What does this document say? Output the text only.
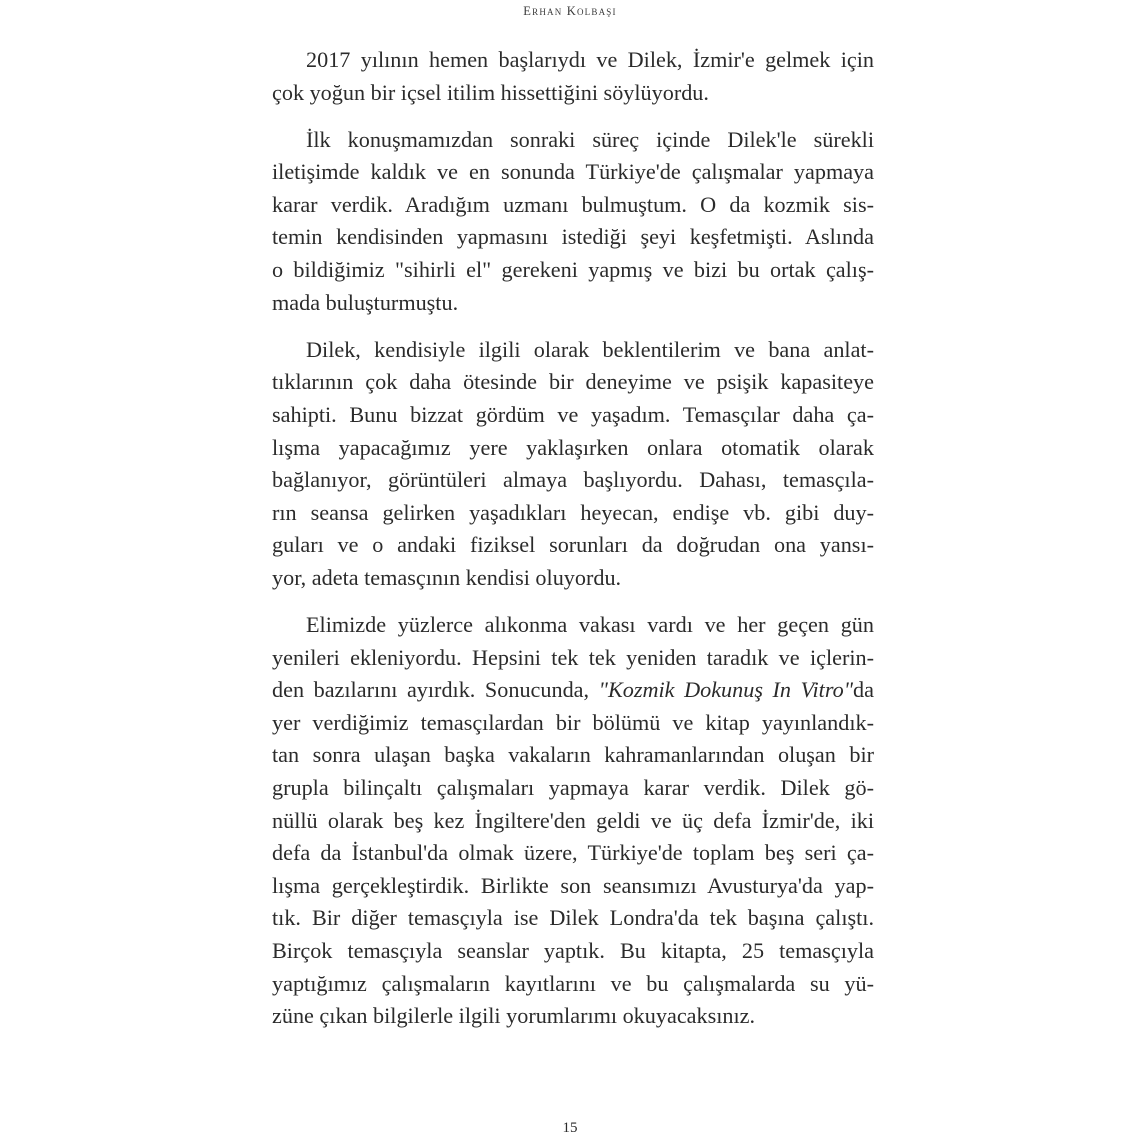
Erhan Kolbaşı
2017 yılının hemen başlarıydı ve Dilek, İzmir'e gelmek için
çok yoğun bir içsel itilim hissettiğini söylüyordu.
İlk konuşmamızdan sonraki süreç içinde Dilek'le sürekli
iletişimde kaldık ve en sonunda Türkiye'de çalışmalar yapmaya
karar verdik. Aradığım uzmanı bulmuştum. O da kozmik sis-
temin kendisinden yapmasını istediği şeyi keşfetmişti. Aslında
o bildiğimiz "sihirli el" gerekeni yapmış ve bizi bu ortak çalış-
mada buluşturmuştu.
Dilek, kendisiyle ilgili olarak beklentilerim ve bana anlat-
tıklarının çok daha ötesinde bir deneyime ve psişik kapasiteye
sahipti. Bunu bizzat gördüm ve yaşadım. Temasçılar daha ça-
lışma yapacağımız yere yaklaşırken onlara otomatik olarak
bağlanıyor, görüntüleri almaya başlıyordu. Dahası, temasçıla-
rın seansa gelirken yaşadıkları heyecan, endişe vb. gibi duy-
guları ve o andaki fiziksel sorunları da doğrudan ona yansı-
yor, adeta temasçının kendisi oluyordu.
Elimizde yüzlerce alıkonma vakası vardı ve her geçen gün
yenileri ekleniyordu. Hepsini tek tek yeniden taradık ve içlerin-
den bazılarını ayırdık. Sonucunda, "Kozmik Dokunuş In Vitro"da
yer verdiğimiz temasçılardan bir bölümü ve kitap yayınlandık-
tan sonra ulaşan başka vakaların kahramanlarından oluşan bir
grupla bilinçaltı çalışmaları yapmaya karar verdik. Dilek gö-
nüllü olarak beş kez İngiltere'den geldi ve üç defa İzmir'de, iki
defa da İstanbul'da olmak üzere, Türkiye'de toplam beş seri ça-
lışma gerçekleştirdik. Birlikte son seansımızı Avusturya'da yap-
tık. Bir diğer temasçıyla ise Dilek Londra'da tek başına çalıştı.
Birçok temasçıyla seanslar yaptık. Bu kitapta, 25 temasçıyla
yaptığımız çalışmaların kayıtlarını ve bu çalışmalarda su yü-
züne çıkan bilgilerle ilgili yorumlarımı okuyacaksınız.
15
